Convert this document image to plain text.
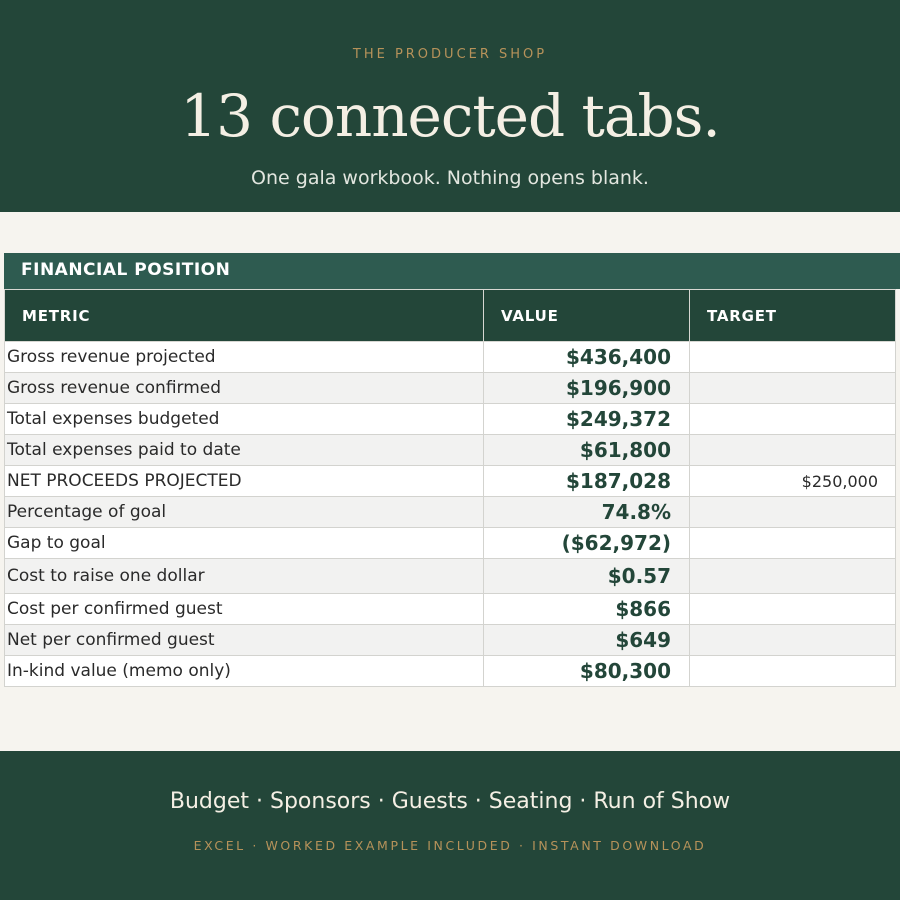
THE PRODUCER SHOP
13 connected tabs.
One gala workbook. Nothing opens blank.
FINANCIAL POSITION
METRIC	VALUE	TARGET
Gross revenue projected	$436,400	
Gross revenue confirmed	$196,900	
Total expenses budgeted	$249,372	
Total expenses paid to date	$61,800	
NET PROCEEDS PROJECTED	$187,028	$250,000
Percentage of goal	74.8%	
Gap to goal	($62,972)	
Cost to raise one dollar	$0.57	
Cost per confirmed guest	$866	
Net per confirmed guest	$649	
In-kind value (memo only)	$80,300	
Budget · Sponsors · Guests · Seating · Run of Show
EXCEL · WORKED EXAMPLE INCLUDED · INSTANT DOWNLOAD
